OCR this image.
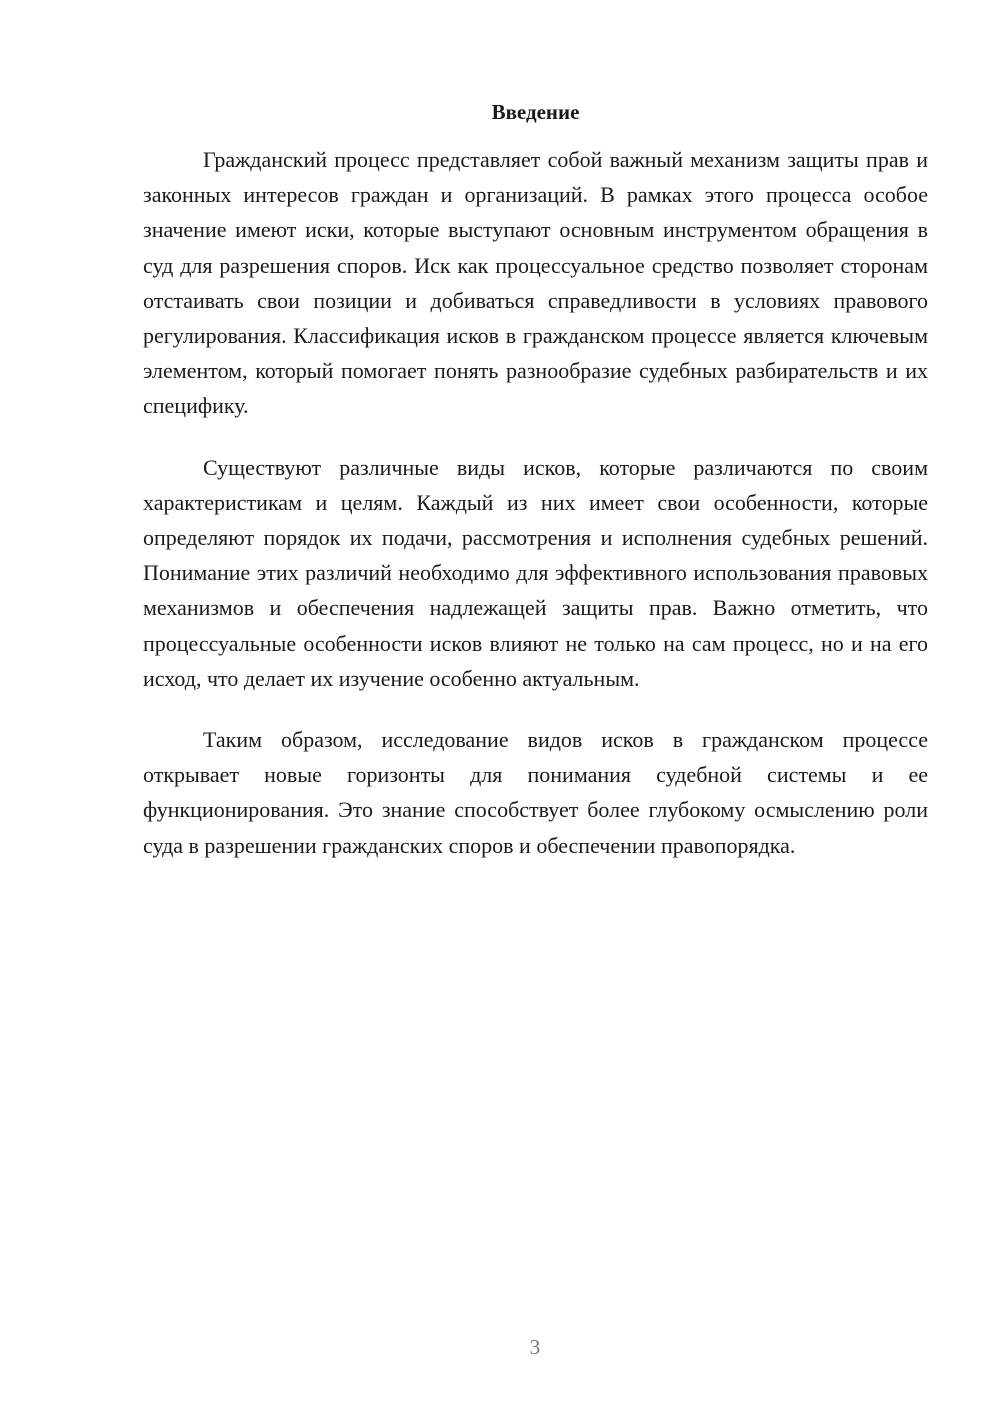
Введение

Гражданский процесс представляет собой важный механизм защиты прав и законных интересов граждан и организаций. В рамках этого процесса особое значение имеют иски, которые выступают основным инструментом обращения в суд для разрешения споров. Иск как процессуальное средство позволяет сторонам отстаивать свои позиции и добиваться справедливости в условиях правового регулирования. Классификация исков в гражданском процессе является ключевым элементом, который помогает понять разнообразие судебных разбирательств и их специфику.

Существуют различные виды исков, которые различаются по своим характеристикам и целям. Каждый из них имеет свои особенности, которые определяют порядок их подачи, рассмотрения и исполнения судебных решений. Понимание этих различий необходимо для эффективного использования правовых механизмов и обеспечения надлежащей защиты прав. Важно отметить, что процессуальные особенности исков влияют не только на сам процесс, но и на его исход, что делает их изучение особенно актуальным.

Таким образом, исследование видов исков в гражданском процессе открывает новые горизонты для понимания судебной системы и ее функционирования. Это знание способствует более глубокому осмыслению роли суда в разрешении гражданских споров и обеспечении правопорядка.

3
